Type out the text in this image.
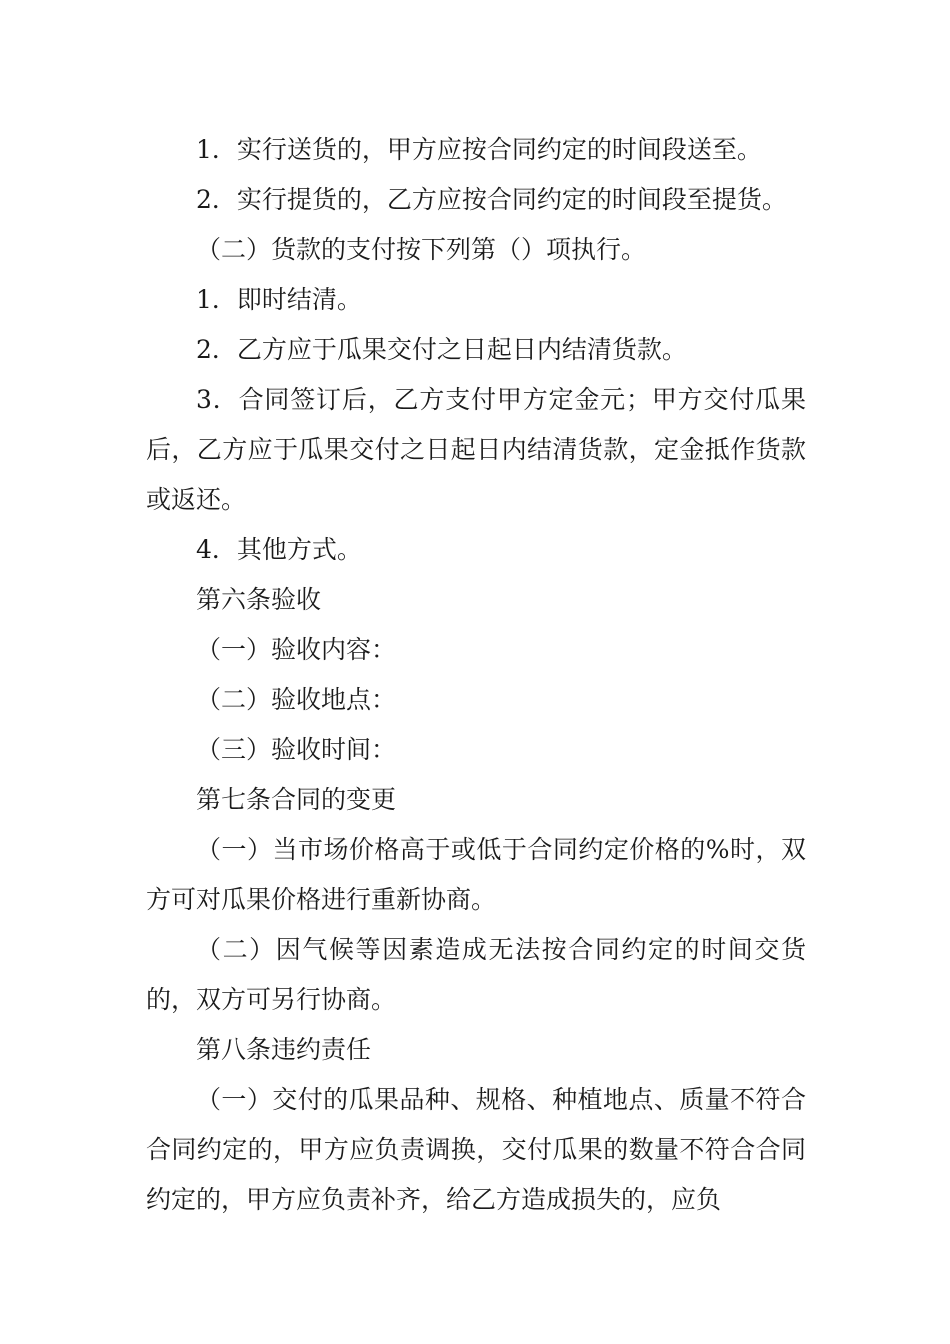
1．实行送货的，甲方应按合同约定的时间段送至。

2．实行提货的，乙方应按合同约定的时间段至提货。

（二）货款的支付按下列第（）项执行。

1．即时结清。

2．乙方应于瓜果交付之日起日内结清货款。

3．合同签订后，乙方支付甲方定金元；甲方交付瓜果后，乙方应于瓜果交付之日起日内结清货款，定金抵作货款或返还。

4．其他方式。

第六条验收

（一）验收内容：

（二）验收地点：

（三）验收时间：

第七条合同的变更

（一）当市场价格高于或低于合同约定价格的%时，双方可对瓜果价格进行重新协商。

（二）因气候等因素造成无法按合同约定的时间交货的，双方可另行协商。

第八条违约责任

（一）交付的瓜果品种、规格、种植地点、质量不符合合同约定的，甲方应负责调换，交付瓜果的数量不符合合同约定的，甲方应负责补齐，给乙方造成损失的，应负
